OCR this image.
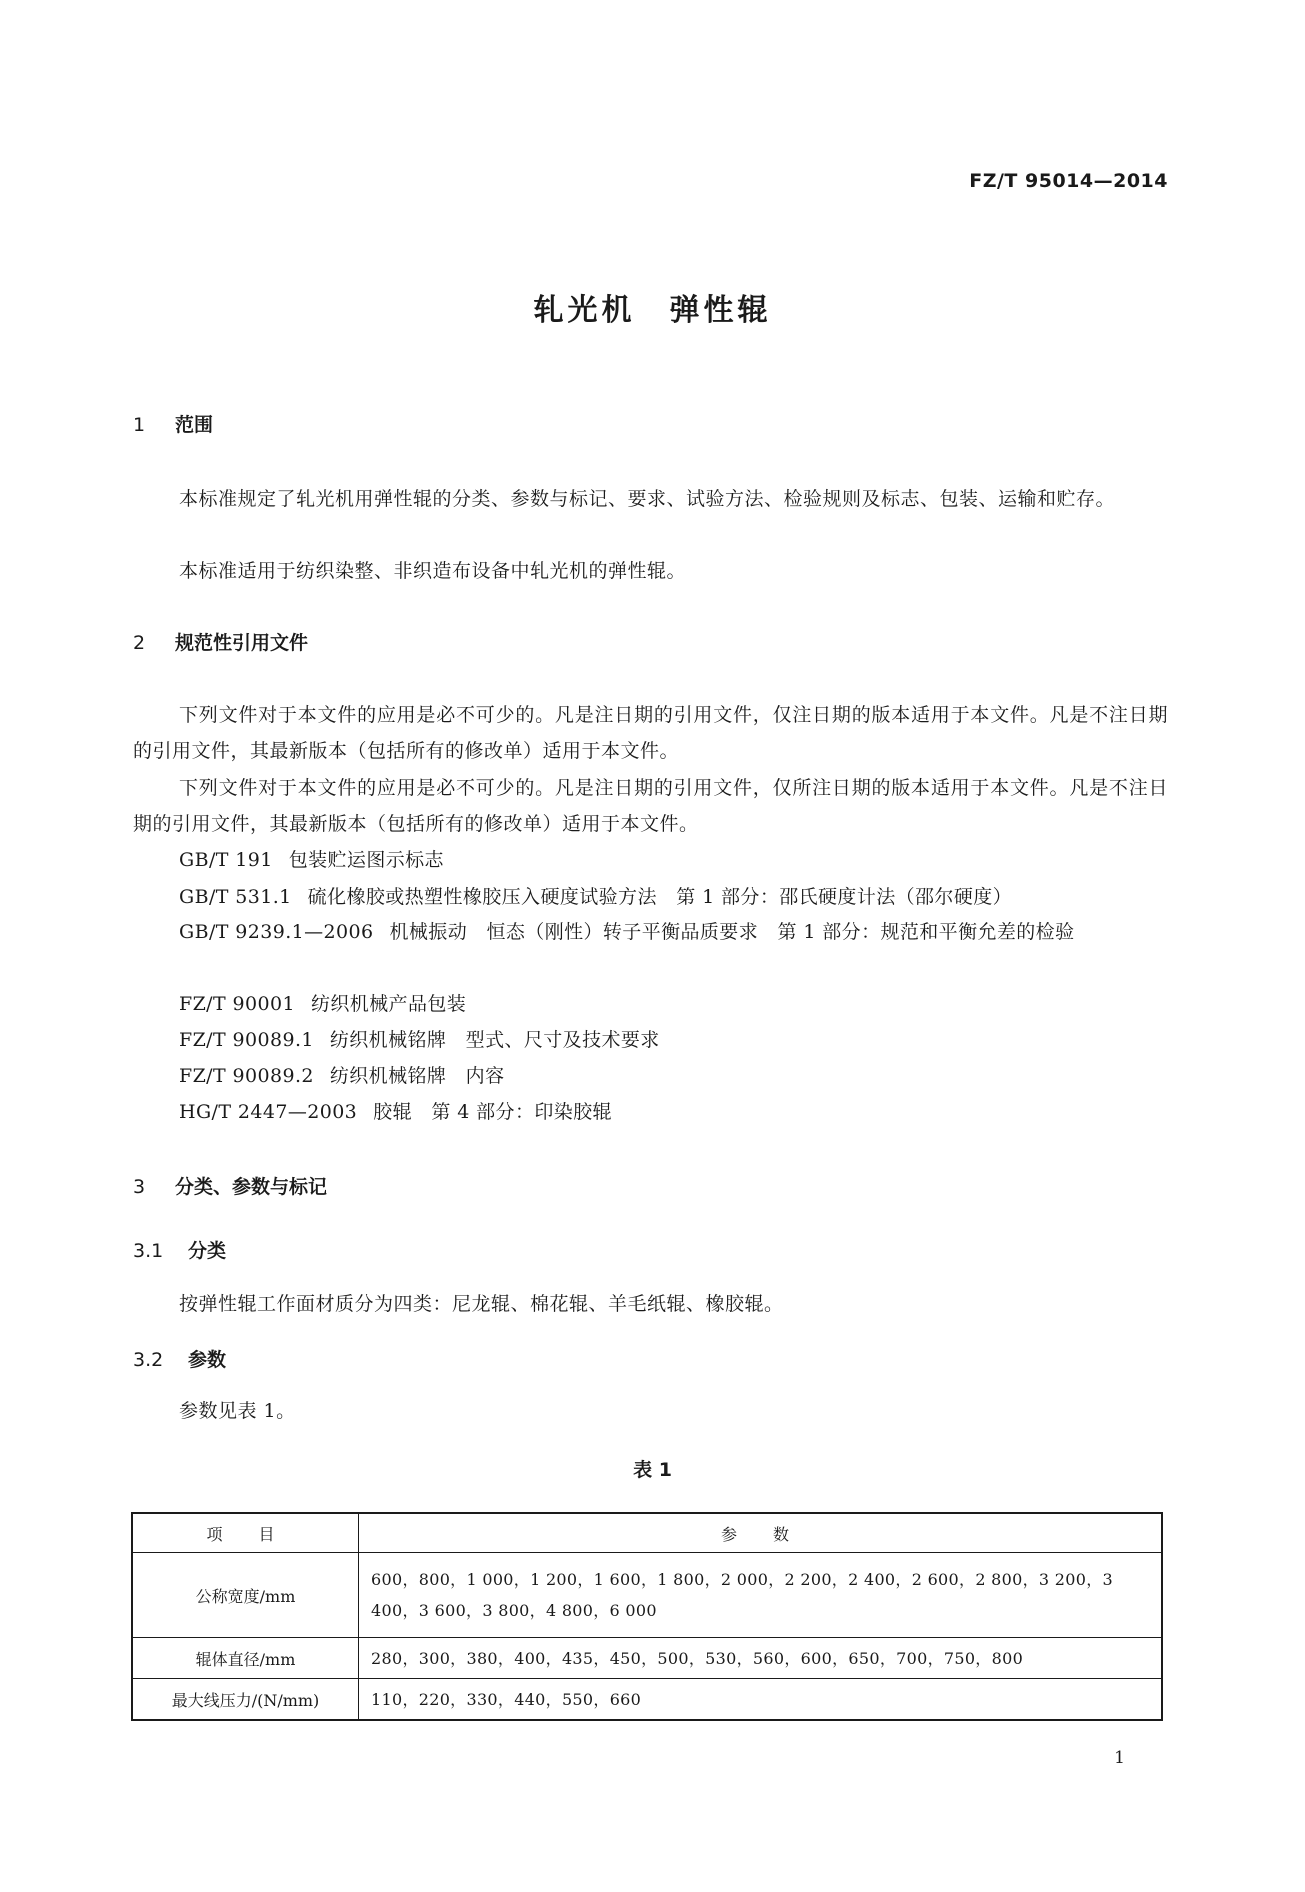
FZ/T 95014—2014
轧光机　弹性辊
1 范围
本标准规定了轧光机用弹性辊的分类、参数与标记、要求、试验方法、检验规则及标志、包装、运输和贮存。
本标准适用于纺织染整、非织造布设备中轧光机的弹性辊。
2 规范性引用文件
下列文件对于本文件的应用是必不可少的。凡是注日期的引用文件，仅注日期的版本适用于本文件。凡是不注日期的引用文件，其最新版本（包括所有的修改单）适用于本文件。
下列文件对于本文件的应用是必不可少的。凡是注日期的引用文件，仅所注日期的版本适用于本文件。凡是不注日期的引用文件，其最新版本（包括所有的修改单）适用于本文件。
GB/T 191 包装贮运图示标志
GB/T 531.1 硫化橡胶或热塑性橡胶压入硬度试验方法　第 1 部分：邵氏硬度计法（邵尔硬度）
GB/T 9239.1—2006 机械振动　恒态（刚性）转子平衡品质要求　第 1 部分：规范和平衡允差的检验
FZ/T 90001 纺织机械产品包装
FZ/T 90089.1 纺织机械铭牌　型式、尺寸及技术要求
FZ/T 90089.2 纺织机械铭牌　内容
HG/T 2447—2003 胶辊　第 4 部分：印染胶辊
3 分类、参数与标记
3.1 分类
按弹性辊工作面材质分为四类：尼龙辊、棉花辊、羊毛纸辊、橡胶辊。
3.2 参数
参数见表 1。
表 1
项　目	参　数
公称宽度/mm	600，800，1 000，1 200，1 600，1 800，2 000，2 200，2 400，2 600，2 800，3 200，3 400，3 600，3 800，4 800，6 000
辊体直径/mm	280，300，380，400，435，450，500，530，560，600，650，700，750，800
最大线压力/(N/mm)	110，220，330，440，550，660
1
